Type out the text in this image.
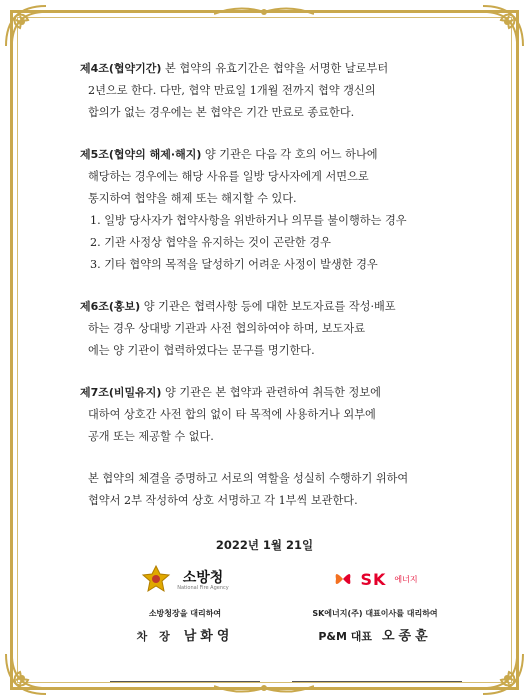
제4조(협약기간) 본 협약의 유효기간은 협약을 서명한 날로부터

2년으로 한다. 다만, 협약 만료일 1개월 전까지 협약 갱신의

합의가 없는 경우에는 본 협약은 기간 만료로 종료한다.

제5조(협약의 해제·해지) 양 기관은 다음 각 호의 어느 하나에

해당하는 경우에는 해당 사유를 일방 당사자에게 서면으로

통지하여 협약을 해제 또는 해지할 수 있다.

1. 일방 당사자가 협약사항을 위반하거나 의무를 불이행하는 경우
2. 기관 사정상 협약을 유지하는 것이 곤란한 경우
3. 기타 협약의 목적을 달성하기 어려운 사정이 발생한 경우

제6조(홍보) 양 기관은 협력사항 등에 대한 보도자료를 작성·배포

하는 경우 상대방 기관과 사전 협의하여야 하며, 보도자료

에는 양 기관이 협력하였다는 문구를 명기한다.

제7조(비밀유지) 양 기관은 본 협약과 관련하여 취득한 정보에

대하여 상호간 사전 합의 없이 타 목적에 사용하거나 외부에

공개 또는 제공할 수 없다.

본 협약의 체결을 증명하고 서로의 역할을 성실히 수행하기 위하여

협약서 2부 작성하여 상호 서명하고 각 1부씩 보관한다.

2022년 1월 21일
소방청
National Fire Agency
소방청장을 대리하여
차 장 남화영
SK 에너지
SK에너지(주) 대표이사를 대리하여
P&M 대표 오종훈
